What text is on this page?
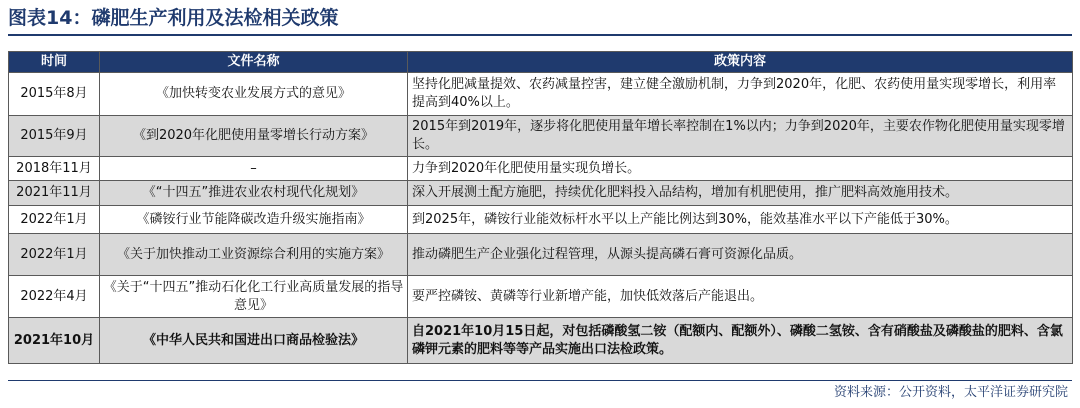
图表14：磷肥生产利用及法检相关政策
时间	文件名称	政策内容
2015年8月	《加快转变农业发展方式的意见》	坚持化肥减量提效、农药减量控害，建立健全激励机制，力争到2020年，化肥、农药使用量实现零增长，利用率提高到40%以上。
2015年9月	《到2020年化肥使用量零增长行动方案》	2015年到2019年，逐步将化肥使用量年增长率控制在1%以内；力争到2020年，主要农作物化肥使用量实现零增长。
2018年11月	–	力争到2020年化肥使用量实现负增长。
2021年11月	《“十四五”推进农业农村现代化规划》	深入开展测土配方施肥，持续优化肥料投入品结构，增加有机肥使用，推广肥料高效施用技术。
2022年1月	《磷铵行业节能降碳改造升级实施指南》	到2025年，磷铵行业能效标杆水平以上产能比例达到30%，能效基准水平以下产能低于30%。
2022年1月	《关于加快推动工业资源综合利用的实施方案》	推动磷肥生产企业强化过程管理，从源头提高磷石膏可资源化品质。
2022年4月	《关于“十四五”推动石化化工行业高质量发展的指导意见》	要严控磷铵、黄磷等行业新增产能，加快低效落后产能退出。
2021年10月	《中华人民共和国进出口商品检验法》	自2021年10月15日起，对包括磷酸氢二铵（配额内、配额外）、磷酸二氢铵、含有硝酸盐及磷酸盐的肥料、含氯磷钾元素的肥料等等产品实施出口法检政策。
资料来源：公开资料，太平洋证券研究院
